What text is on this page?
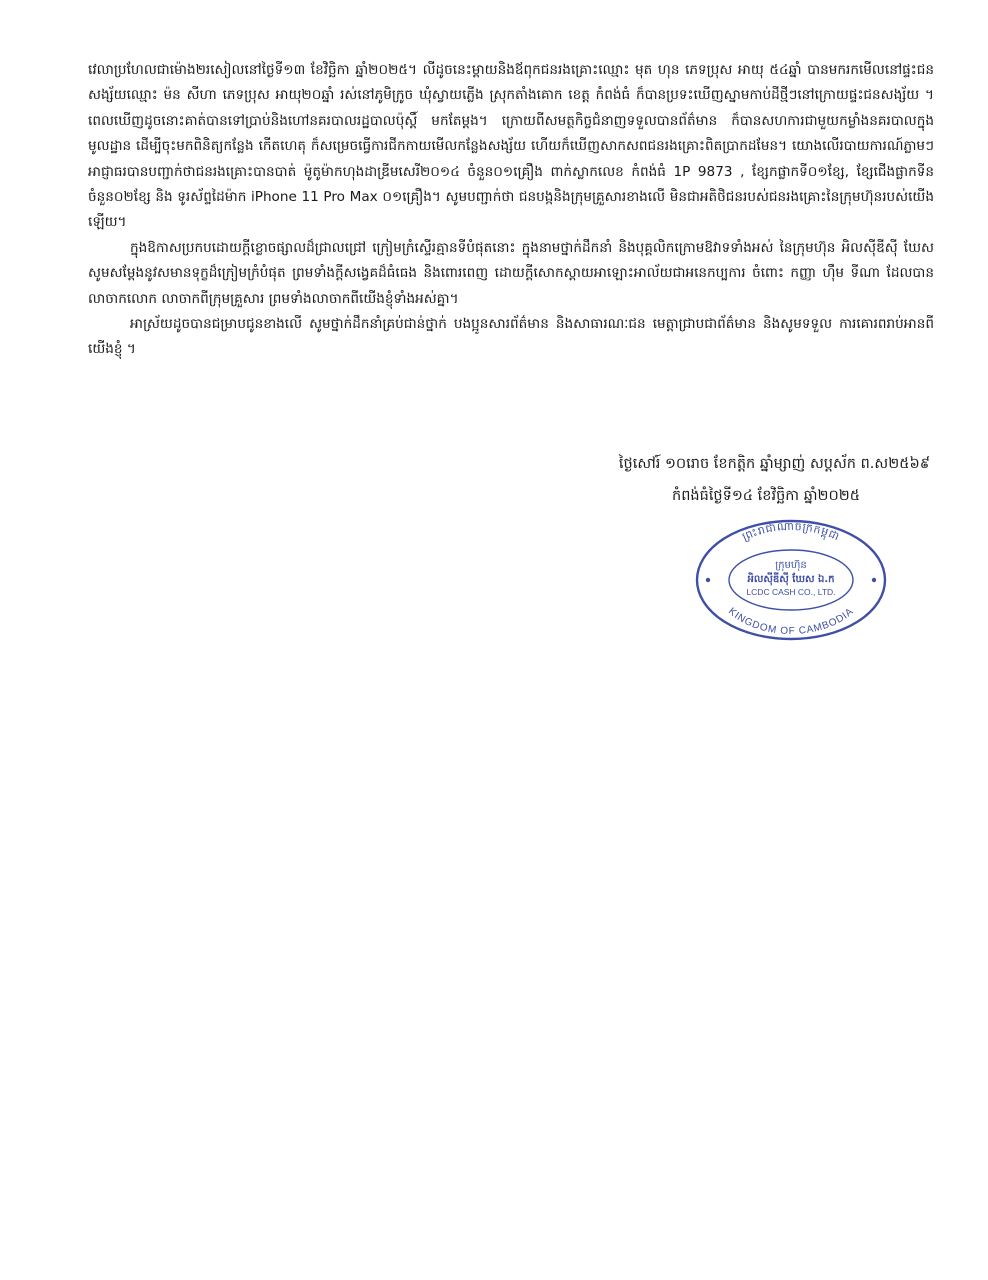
វេលាប្រហែលជាម៉ោង២រសៀលនៅថ្ងៃទី១៣ ខែវិច្ឆិកា ឆ្នាំ២០២៥។ លីដូចនេះម្តាយនិងឪពុកជនរងគ្រោះឈ្មោះ មុត ហុន ភេទប្រុស អាយុ ៥៤ឆ្នាំ បានមករកមើលនៅផ្ទះជនសង្ស័យឈ្មោះ ម៉ន សីហា ភេទប្រុស អាយុ២០ឆ្នាំ រស់នៅភូមិក្រូច ឃុំស្វាយភ្លើង ស្រុកតាំងគោក ខេត្ត កំពង់ធំ ក៏បានប្រទះឃើញស្នាមកាប់ដីថ្មីៗនៅក្រោយផ្ទះជនសង្ស័យ ។ ពេលឃើញដូចនោះគាត់បានទៅប្រាប់និងហៅនគរបាលរដ្ឋបាលប៉ុស្តិ៍ មកតែម្តង។ ក្រោយពីសមត្ថកិច្ចជំនាញទទួលបានព័ត៌មាន ក៏បានសហការជាមួយកម្លាំងនគរបាលក្នុងមូលដ្ឋាន ដើម្បីចុះមកពិនិត្យកន្លែង កើតហេតុ ក៏សម្រេចធ្វើការជីកកាយមើលកន្លែងសង្ស័យ ហើយក៏ឃើញសាកសពជនរងគ្រោះពិតប្រាកដមែន។ យោងលើរបាយការណ៍ភ្លាមៗ អាជ្ញាធរបានបញ្ជាក់ថាជនរងគ្រោះបានបាត់ ម៉ូតូម៉ាកហុងដាឌ្រីមសេរី២០១៤ ចំនួន០១គ្រឿង ពាក់ស្លាកលេខ កំពង់ធំ 1P 9873 , ខ្សែកផ្លាកទី០១ខ្សែ, ខ្សែជើងផ្លាកទីនចំនួន០២ខ្សែ និង ទូរស័ព្ទដៃម៉ាក iPhone 11 Pro Max ០១គ្រឿង។ សូមបញ្ជាក់ថា ជនបង្កនិងក្រុមគ្រួសារខាងលើ មិនជាអតិថិជនរបស់ជនរងគ្រោះនៃក្រុមហ៊ុនរបស់យើងឡើយ។

ក្នុងឱកាសប្រកបដោយក្តីខ្លោចផ្សាលដ៏ជ្រាលជ្រៅ ក្រៀមក្រំស្ទើរគ្មានទីបំផុតនោះ ក្នុងនាមថ្នាក់ដឹកនាំ និងបុគ្គលិកក្រោមឱវាទទាំងអស់ នៃក្រុមហ៊ុន អិលស៊ីឌីស៊ី ឃែស សូមសម្តែងនូវសមានទុក្ខដ៏ក្រៀមក្រំបំផុត ព្រមទាំងក្តីសង្វេគដ៏ធំធេង និងពោរពេញ ដោយក្តីសោកស្តាយអាឡោះអាល័យជាអនេកប្បការ ចំពោះ កញ្ញា ហ៊ឹម ទីណា ដែលបានលាចាកលោក លាចាកពីក្រុមគ្រួសារ ព្រមទាំងលាចាកពីយើងខ្ញុំទាំងអស់គ្នា។

អាស្រ័យដូចបានជម្រាបជូនខាងលើ សូមថ្នាក់ដឹកនាំគ្រប់ជាន់ថ្នាក់ បងប្អូនសារព័ត៌មាន និងសាធារណៈជន មេត្តាជ្រាបជាព័ត៌មាន និងសូមទទួល ការគោរពរាប់អានពីយើងខ្ញុំ ។

ថ្ងៃសៅរ៍ ១០រោច ខែកត្តិក ឆ្នាំម្សាញ់ សប្តស័ក ព.ស២៥៦៩
កំពង់ធំថ្ងៃទី១៤ ខែវិច្ឆិកា ឆ្នាំ២០២៥
ព្រះរាជាណាចក្រកម្ពុជា
ក្រុមហ៊ុន
អិលស៊ីឌីស៊ី ឃែស ឯ.ក
LCDC CASH CO., LTD.
KINGDOM OF CAMBODIA
